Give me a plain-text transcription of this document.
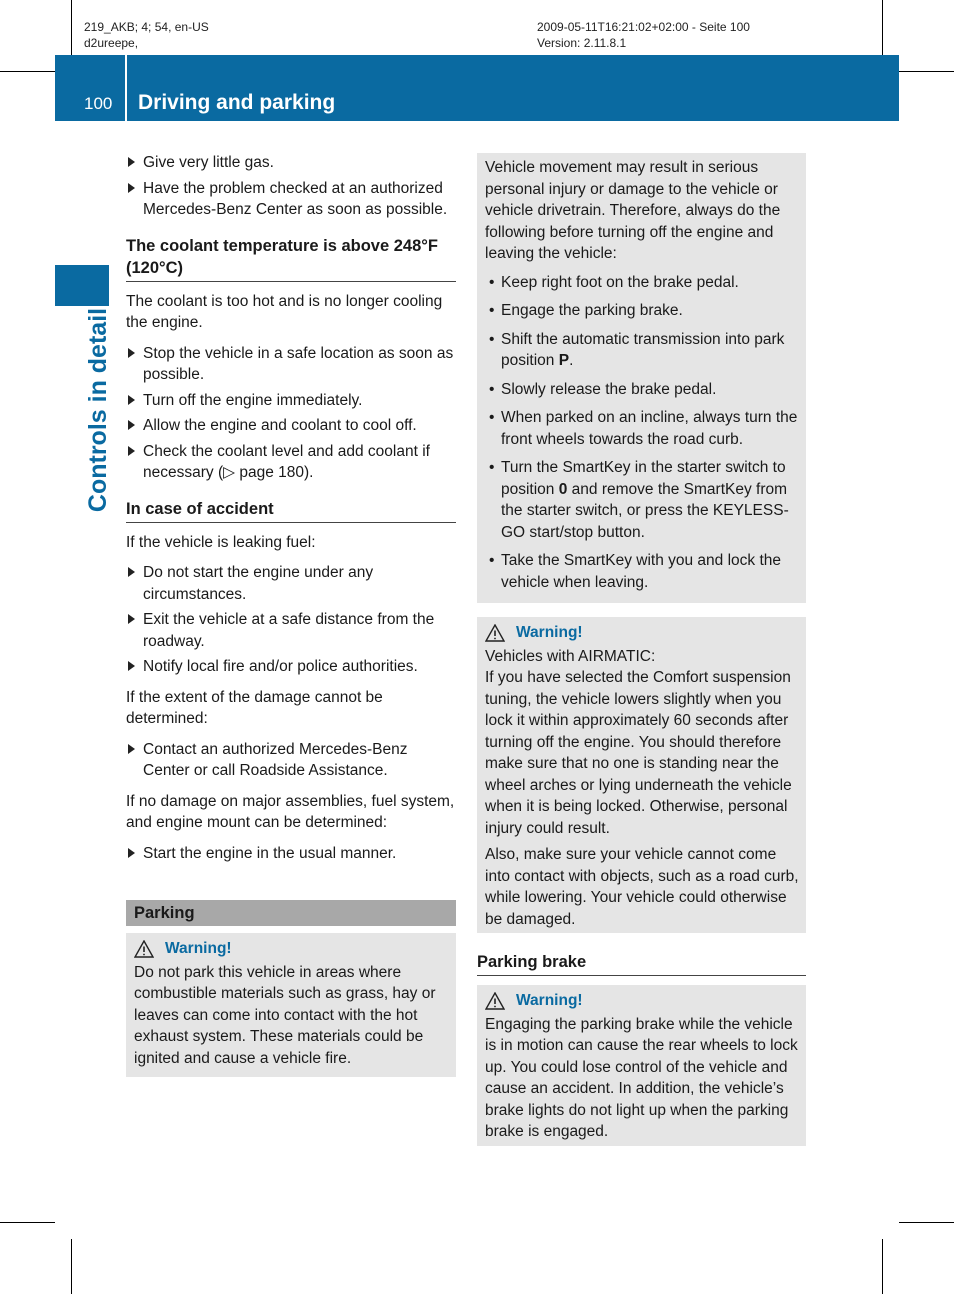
219_AKB; 4; 54, en-US
d2ureepe,
2009-05-11T16:21:02+02:00 - Seite 100
Version: 2.11.8.1
100 Driving and parking
Controls in detail
Give very little gas.
Have the problem checked at an authorized Mercedes-Benz Center as soon as possible.
The coolant temperature is above 248°F (120°C)

The coolant is too hot and is no longer cooling the engine.

Stop the vehicle in a safe location as soon as possible.
Turn off the engine immediately.
Allow the engine and coolant to cool off.
Check the coolant level and add coolant if necessary (▷ page 180).
In case of accident

If the vehicle is leaking fuel:

Do not start the engine under any circumstances.
Exit the vehicle at a safe distance from the roadway.
Notify local fire and/or police authorities.

If the extent of the damage cannot be determined:

Contact an authorized Mercedes-Benz Center or call Roadside Assistance.

If no damage on major assemblies, fuel system, and engine mount can be determined:

Start the engine in the usual manner.
Parking
Warning!

Do not park this vehicle in areas where combustible materials such as grass, hay or leaves can come into contact with the hot exhaust system. These materials could be ignited and cause a vehicle fire.

Vehicle movement may result in serious personal injury or damage to the vehicle or vehicle drivetrain. Therefore, always do the following before turning off the engine and leaving the vehicle:

• Keep right foot on the brake pedal.
• Engage the parking brake.
• Shift the automatic transmission into park position P.
• Slowly release the brake pedal.
• When parked on an incline, always turn the front wheels towards the road curb.
• Turn the SmartKey in the starter switch to position 0 and remove the SmartKey from the starter switch, or press the KEYLESS-GO start/stop button.
• Take the SmartKey with you and lock the vehicle when leaving.
Warning!
Vehicles with AIRMATIC:

If you have selected the Comfort suspension tuning, the vehicle lowers slightly when you lock it within approximately 60 seconds after turning off the engine. You should therefore make sure that no one is standing near the wheel arches or lying underneath the vehicle when it is being locked. Otherwise, personal injury could result.

Also, make sure your vehicle cannot come into contact with objects, such as a road curb, while lowering. Your vehicle could otherwise be damaged.

Parking brake
Warning!

Engaging the parking brake while the vehicle is in motion can cause the rear wheels to lock up. You could lose control of the vehicle and cause an accident. In addition, the vehicle’s brake lights do not light up when the parking brake is engaged.
